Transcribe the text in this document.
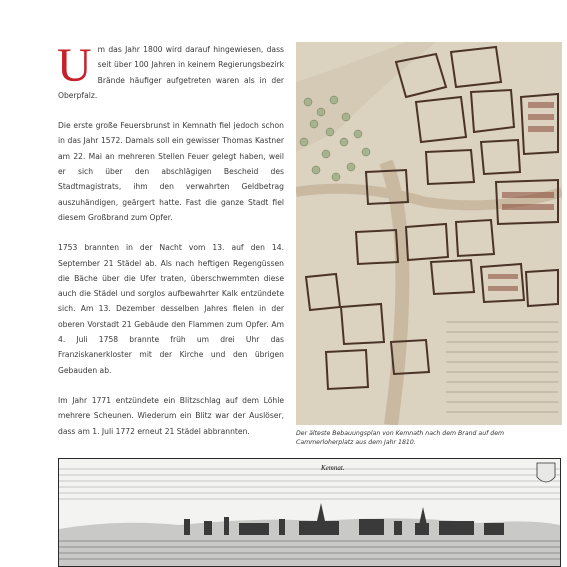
Um das Jahr 1800 wird darauf hingewiesen, dass seit über 100 Jahren in keinem Regierungsbezirk Brände häufiger aufgetreten waren als in der Oberpfalz.

Die erste große Feuersbrunst in Kemnath fiel jedoch schon in das Jahr 1572. Damals soll ein gewisser Thomas Kastner am 22. Mai an mehreren Stellen Feuer gelegt haben, weil er sich über den abschlägigen Bescheid des Stadtmagistrats, ihm den verwahrten Geldbetrag auszuhändigen, geärgert hatte. Fast die ganze Stadt fiel diesem Großbrand zum Opfer.

1753 brannten in der Nacht vom 13. auf den 14. September 21 Städel ab. Als nach heftigen Regengüssen die Bäche über die Ufer traten, überschwemmten diese auch die Städel und sorglos aufbewahrter Kalk entzündete sich. Am 13. Dezember desselben Jahres fielen in der oberen Vorstadt 21 Gebäude den Flammen zum Opfer. Am 4. Juli 1758 brannte früh um drei Uhr das Franziskanerkloster mit der Kirche und den übrigen Gebauden ab.

Im Jahr 1771 entzündete ein Blitzschlag auf dem Löhle mehrere Scheunen. Wiederum ein Blitz war der Auslöser, dass am 1. Juli 1772 erneut 21 Städel abbrannten.	Der älteste Bebauungsplan von Kemnath nach dem Brand auf dem Cammerloherplatz aus dem Jahr 1810.
Kemnat.
